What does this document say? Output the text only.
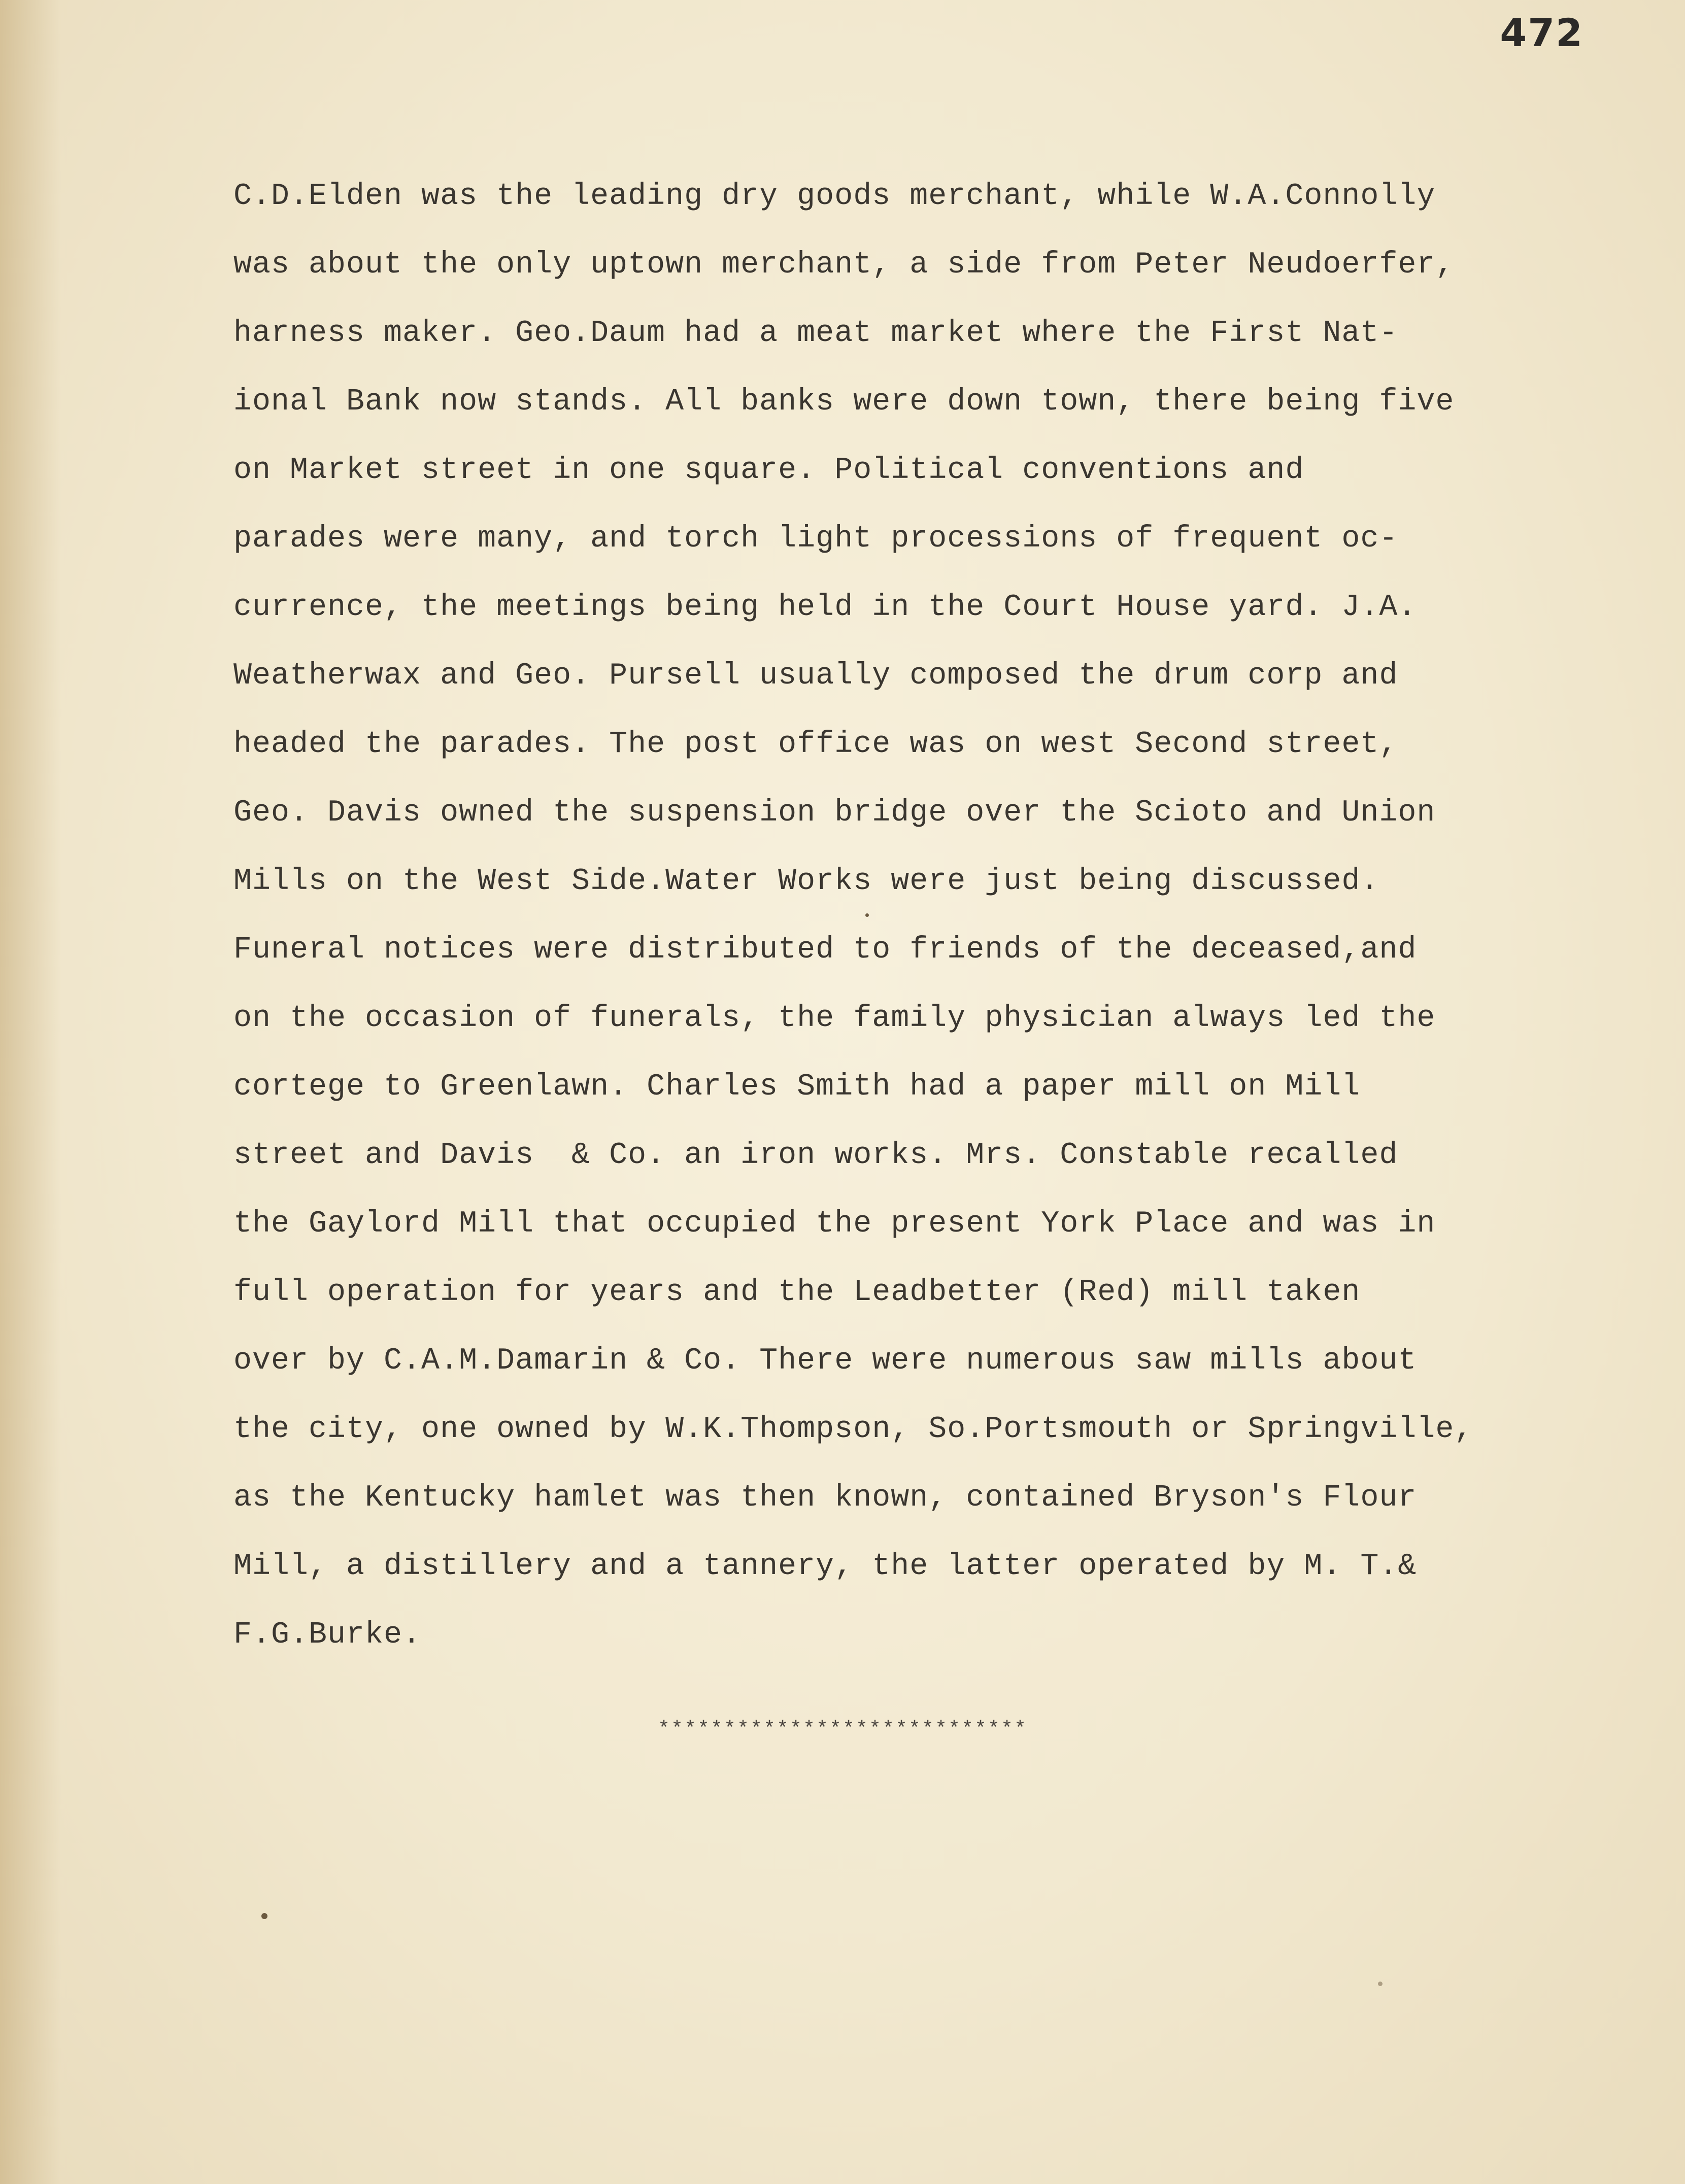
472
C.D.Elden was the leading dry goods merchant, while W.A.Connolly
was about the only uptown merchant, a side from Peter Neudoerfer,
harness maker. Geo.Daum had a meat market where the First Nat-
ional Bank now stands. All banks were down town, there being five
on Market street in one square. Political conventions and
parades were many, and torch light processions of frequent oc-
currence, the meetings being held in the Court House yard. J.A.
Weatherwax and Geo. Pursell usually composed the drum corp and
headed the parades. The post office was on west Second street,
Geo. Davis owned the suspension bridge over the Scioto and Union
Mills on the West Side.Water Works were just being discussed.
Funeral notices were distributed to friends of the deceased,and
on the occasion of funerals, the family physician always led the
cortege to Greenlawn. Charles Smith had a paper mill on Mill
street and Davis  & Co. an iron works. Mrs. Constable recalled
the Gaylord Mill that occupied the present York Place and was in
full operation for years and the Leadbetter (Red) mill taken
over by C.A.M.Damarin & Co. There were numerous saw mills about
the city, one owned by W.K.Thompson, So.Portsmouth or Springville,
as the Kentucky hamlet was then known, contained Bryson's Flour
Mill, a distillery and a tannery, the latter operated by M. T.&
F.G.Burke.
****************************
